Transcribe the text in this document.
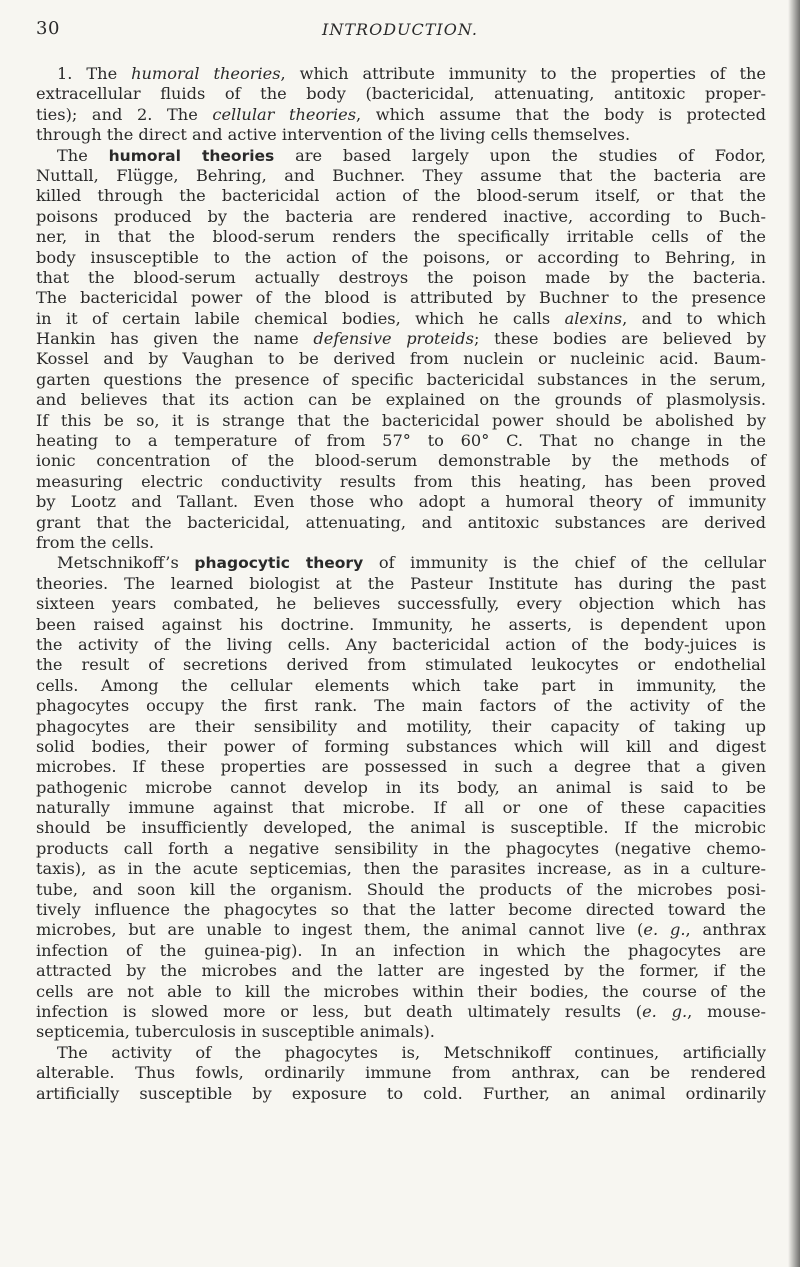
30	INTRODUCTION.
1. The humoral theories, which attribute immunity to the properties of the
extracellular fluids of the body (bactericidal, attenuating, antitoxic proper-
ties); and 2. The cellular theories, which assume that the body is protected
through the direct and active intervention of the living cells themselves.
The humoral theories are based largely upon the studies of Fodor,
Nuttall, Flügge, Behring, and Buchner. They assume that the bacteria are
killed through the bactericidal action of the blood-serum itself, or that the
poisons produced by the bacteria are rendered inactive, according to Buch-
ner, in that the blood-serum renders the specifically irritable cells of the
body insusceptible to the action of the poisons, or according to Behring, in
that the blood-serum actually destroys the poison made by the bacteria.
The bactericidal power of the blood is attributed by Buchner to the presence
in it of certain labile chemical bodies, which he calls alexins, and to which
Hankin has given the name defensive proteids; these bodies are believed by
Kossel and by Vaughan to be derived from nuclein or nucleinic acid. Baum-
garten questions the presence of specific bactericidal substances in the serum,
and believes that its action can be explained on the grounds of plasmolysis.
If this be so, it is strange that the bactericidal power should be abolished by
heating to a temperature of from 57° to 60° C. That no change in the
ionic concentration of the blood-serum demonstrable by the methods of
measuring electric conductivity results from this heating, has been proved
by Lootz and Tallant. Even those who adopt a humoral theory of immunity
grant that the bactericidal, attenuating, and antitoxic substances are derived
from the cells.
Metschnikoff’s phagocytic theory of immunity is the chief of the cellular
theories. The learned biologist at the Pasteur Institute has during the past
sixteen years combated, he believes successfully, every objection which has
been raised against his doctrine. Immunity, he asserts, is dependent upon
the activity of the living cells. Any bactericidal action of the body-juices is
the result of secretions derived from stimulated leukocytes or endothelial
cells. Among the cellular elements which take part in immunity, the
phagocytes occupy the first rank. The main factors of the activity of the
phagocytes are their sensibility and motility, their capacity of taking up
solid bodies, their power of forming substances which will kill and digest
microbes. If these properties are possessed in such a degree that a given
pathogenic microbe cannot develop in its body, an animal is said to be
naturally immune against that microbe. If all or one of these capacities
should be insufficiently developed, the animal is susceptible. If the microbic
products call forth a negative sensibility in the phagocytes (negative chemo-
taxis), as in the acute septicemias, then the parasites increase, as in a culture-
tube, and soon kill the organism. Should the products of the microbes posi-
tively influence the phagocytes so that the latter become directed toward the
microbes, but are unable to ingest them, the animal cannot live (e. g., anthrax
infection of the guinea-pig). In an infection in which the phagocytes are
attracted by the microbes and the latter are ingested by the former, if the
cells are not able to kill the microbes within their bodies, the course of the
infection is slowed more or less, but death ultimately results (e. g., mouse-
septicemia, tuberculosis in susceptible animals).
The activity of the phagocytes is, Metschnikoff continues, artificially
alterable. Thus fowls, ordinarily immune from anthrax, can be rendered
artificially susceptible by exposure to cold. Further, an animal ordinarily
